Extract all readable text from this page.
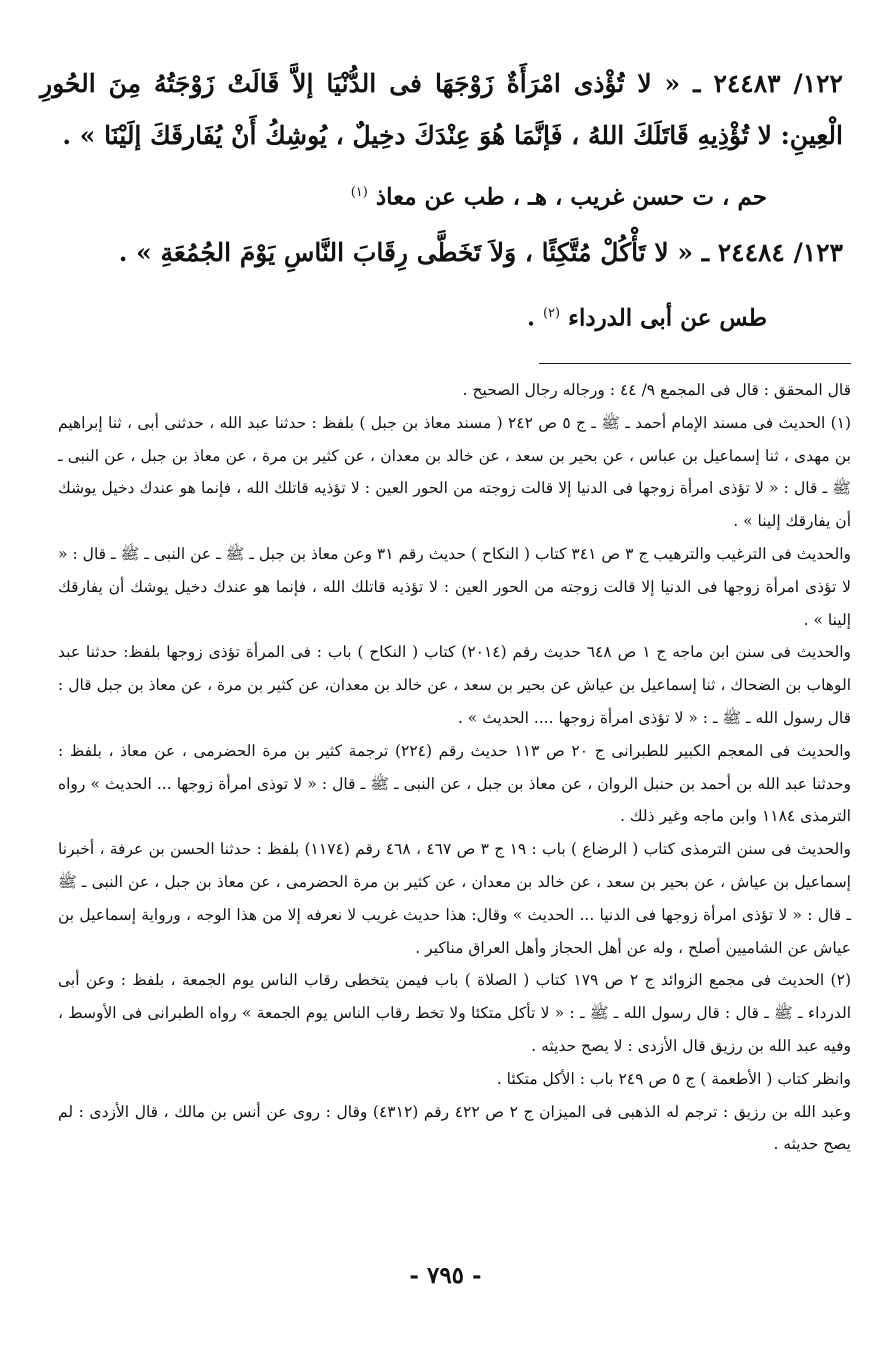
١٢٢/ ٢٤٤٨٣ ـ « لا تُؤْذى امْرَأَةٌ زَوْجَهَا فى الدُّنْيَا إلاَّ قَالَتْ زَوْجَتُهُ مِنَ الحُورِ الْعِينِ: لا تُؤْذِيهِ قَاتَلَكَ اللهُ ، فَإنَّمَا هُوَ عِنْدَكَ دخِيلٌ ، يُوشِكُ أَنْ يُفَارقَكَ إلَيْنَا » .

حم ، ت حسن غريب ، هـ ، طب عن معاذ $^{(١)}$

١٢٣/ ٢٤٤٨٤ ـ « لا تَأْكُلْ مُتَّكِئًا ، وَلاَ تَخَطَّى رِقَابَ النَّاسِ يَوْمَ الجُمُعَةِ » .

طس عن أبى الدرداء $^{(٢)}$ .

قال المحقق : قال فى المجمع ٩/ ٤٤ : ورجاله رجال الصحيح .

(١) الحديث فى مسند الإمام أحمد ـ ﷺ ـ ج ٥ ص ٢٤٢ ( مسند معاذ بن جبل ) بلفظ : حدثنا عبد الله ، حدثنى أبى ، ثنا إبراهيم بن مهدى ، ثنا إسماعيل بن عباس ، عن بحير بن سعد ، عن خالد بن معدان ، عن كثير بن مرة ، عن معاذ بن جبل ، عن النبى ـ ﷺ ـ قال : « لا تؤذى امرأة زوجها فى الدنيا إلا قالت زوجته من الحور العين : لا تؤذيه قاتلك الله ، فإنما هو عندك دخيل يوشك أن يفارقك إلينا » .

والحديث فى الترغيب والترهيب ج ٣ ص ٣٤١ كتاب ( النكاح ) حديث رقم ٣١ وعن معاذ بن جبل ـ ﷺ ـ عن النبى ـ ﷺ ـ قال : « لا تؤذى امرأة زوجها فى الدنيا إلا قالت زوجته من الحور العين : لا تؤذيه قاتلك الله ، فإنما هو عندك دخيل يوشك أن يفارقك إلينا » .

والحديث فى سنن ابن ماجه ج ١ ص ٦٤٨ حديث رقم (٢٠١٤) كتاب ( النكاح ) باب : فى المرأة تؤذى زوجها بلفظ: حدثنا عبد الوهاب بن الضحاك ، ثنا إسماعيل بن عياش عن بحير بن سعد ، عن خالد بن معدان، عن كثير بن مرة ، عن معاذ بن جبل قال : قال رسول الله ـ ﷺ ـ : « لا تؤذى امرأة زوجها .... الحديث » .

والحديث فى المعجم الكبير للطبرانى ج ٢٠ ص ١١٣ حديث رقم (٢٢٤) ترجمة كثير بن مرة الحضرمى ، عن معاذ ، بلفظ : وحدثنا عبد الله بن أحمد بن حنبل الروان ، عن معاذ بن جبل ، عن النبى ـ ﷺ ـ قال : « لا توذى امرأة زوجها ... الحديث » رواه الترمذى ١١٨٤ وابن ماجه وغير ذلك .

والحديث فى سنن الترمذى كتاب ( الرضاع ) باب : ١٩ ج ٣ ص ٤٦٧ ، ٤٦٨ رقم (١١٧٤) بلفظ : حدثنا الحسن بن عرفة ، أخبرنا إسماعيل بن عياش ، عن بحير بن سعد ، عن خالد بن معدان ، عن كثير بن مرة الحضرمى ، عن معاذ بن جبل ، عن النبى ـ ﷺ ـ قال : « لا تؤذى امرأة زوجها فى الدنيا ... الحديث » وقال: هذا حديث غريب لا نعرفه إلا من هذا الوجه ، ورواية إسماعيل بن عياش عن الشاميين أصلح ، وله عن أهل الحجاز وأهل العراق مناكير .

(٢) الحديث فى مجمع الزوائد ج ٢ ص ١٧٩ كتاب ( الصلاة ) باب فيمن يتخطى رقاب الناس يوم الجمعة ، بلفظ : وعن أبى الدرداء ـ ﷺ ـ قال : قال رسول الله ـ ﷺ ـ : « لا تأكل متكئا ولا تخط رقاب الناس يوم الجمعة » رواه الطبرانى فى الأوسط ، وفيه عبد الله بن رزيق قال الأزدى : لا يصح حديثه .

وانظر كتاب ( الأطعمة ) ج ٥ ص ٢٤٩ باب : الأكل متكئا .

وعبد الله بن رزيق : ترجم له الذهبى فى الميزان ج ٢ ص ٤٢٢ رقم (٤٣١٢) وقال : روى عن أنس بن مالك ، قال الأزدى : لم يصح حديثه .

- ٧٩٥ -
